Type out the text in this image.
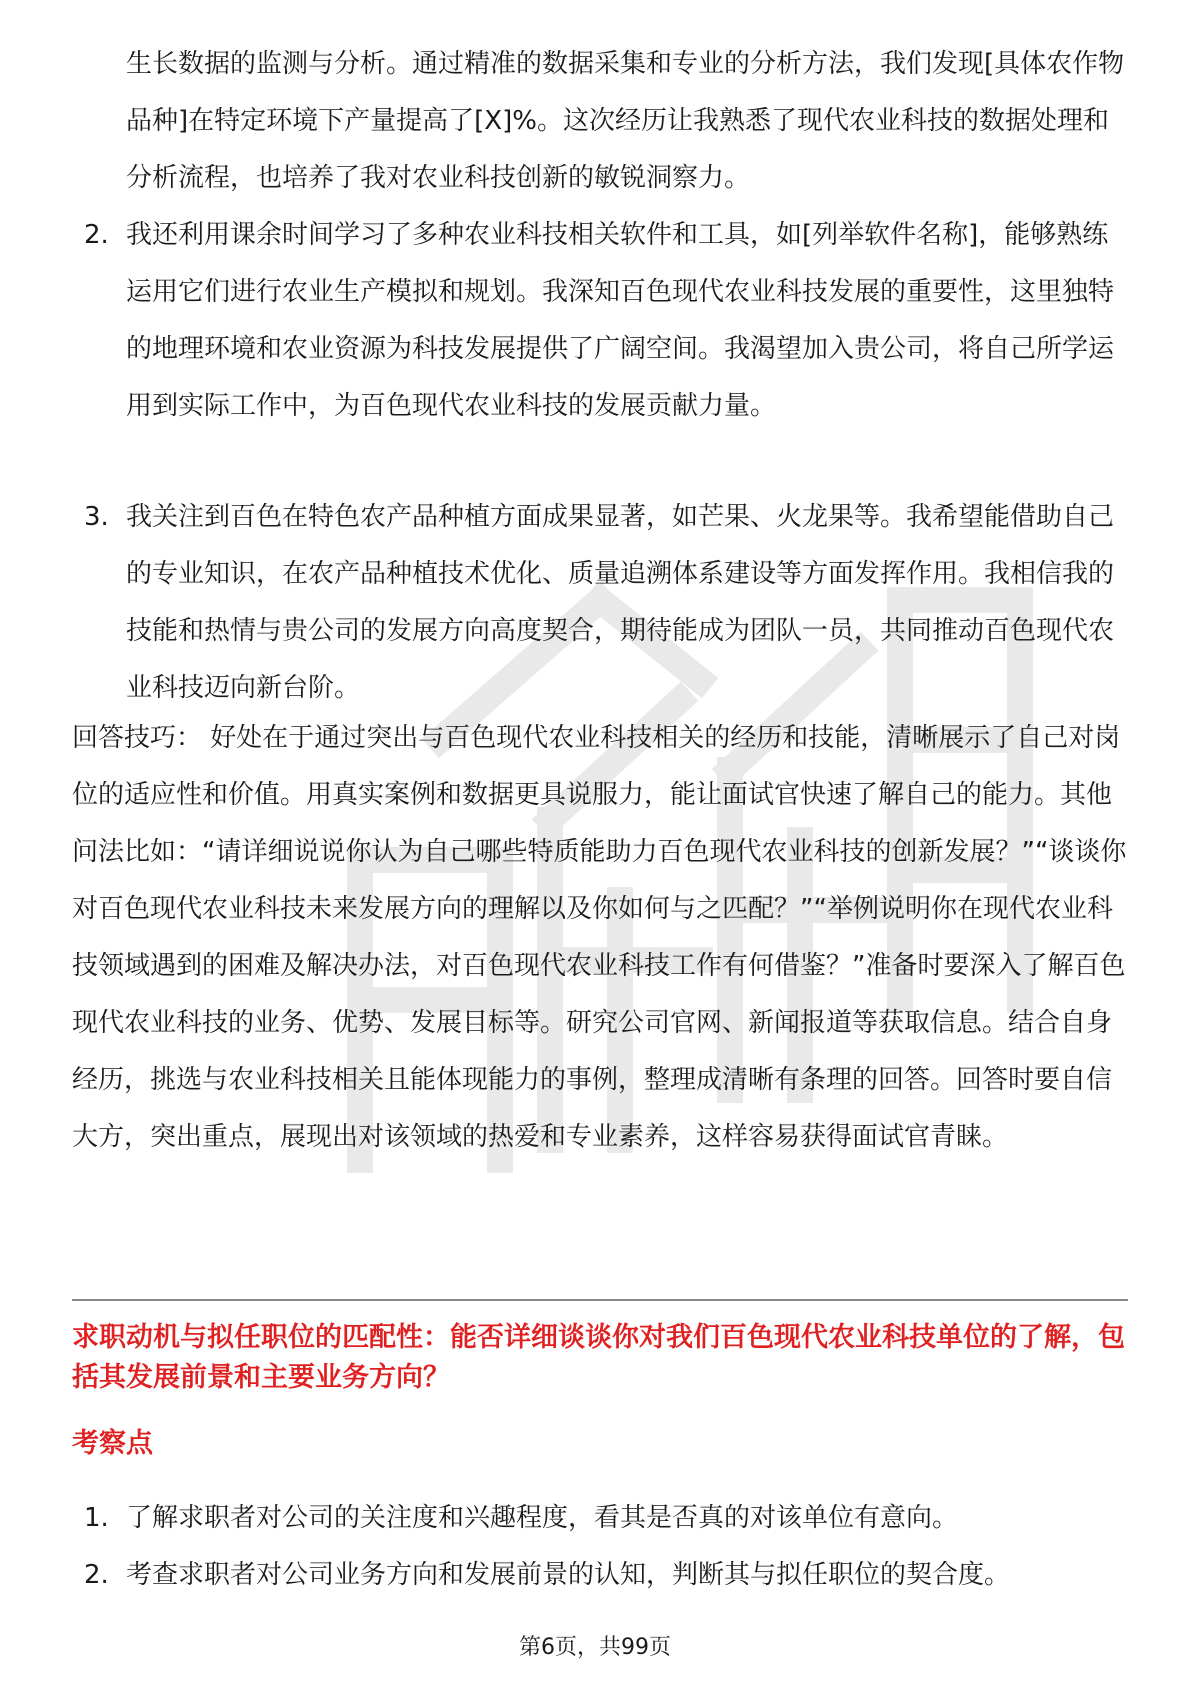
生长数据的监测与分析。通过精准的数据采集和专业的分析方法，我们发现[具体农作物品种]在特定环境下产量提高了[X]%。这次经历让我熟悉了现代农业科技的数据处理和分析流程，也培养了我对农业科技创新的敏锐洞察力。

2. 我还利用课余时间学习了多种农业科技相关软件和工具，如[列举软件名称]，能够熟练运用它们进行农业生产模拟和规划。我深知百色现代农业科技发展的重要性，这里独特的地理环境和农业资源为科技发展提供了广阔空间。我渴望加入贵公司，将自己所学运用到实际工作中，为百色现代农业科技的发展贡献力量。
3. 我关注到百色在特色农产品种植方面成果显著，如芒果、火龙果等。我希望能借助自己的专业知识，在农产品种植技术优化、质量追溯体系建设等方面发挥作用。我相信我的技能和热情与贵公司的发展方向高度契合，期待能成为团队一员，共同推动百色现代农业科技迈向新台阶。

回答技巧： 好处在于通过突出与百色现代农业科技相关的经历和技能，清晰展示了自己对岗位的适应性和价值。用真实案例和数据更具说服力，能让面试官快速了解自己的能力。其他问法比如：“请详细说说你认为自己哪些特质能助力百色现代农业科技的创新发展？”“谈谈你对百色现代农业科技未来发展方向的理解以及你如何与之匹配？”“举例说明你在现代农业科技领域遇到的困难及解决办法，对百色现代农业科技工作有何借鉴？”准备时要深入了解百色现代农业科技的业务、优势、发展目标等。研究公司官网、新闻报道等获取信息。结合自身经历，挑选与农业科技相关且能体现能力的事例，整理成清晰有条理的回答。回答时要自信大方，突出重点，展现出对该领域的热爱和专业素养，这样容易获得面试官青睐。

求职动机与拟任职位的匹配性：能否详细谈谈你对我们百色现代农业科技单位的了解，包括其发展前景和主要业务方向？

考察点

1. 了解求职者对公司的关注度和兴趣程度，看其是否真的对该单位有意向。
2. 考查求职者对公司业务方向和发展前景的认知，判断其与拟任职位的契合度。
第6页，共99页
